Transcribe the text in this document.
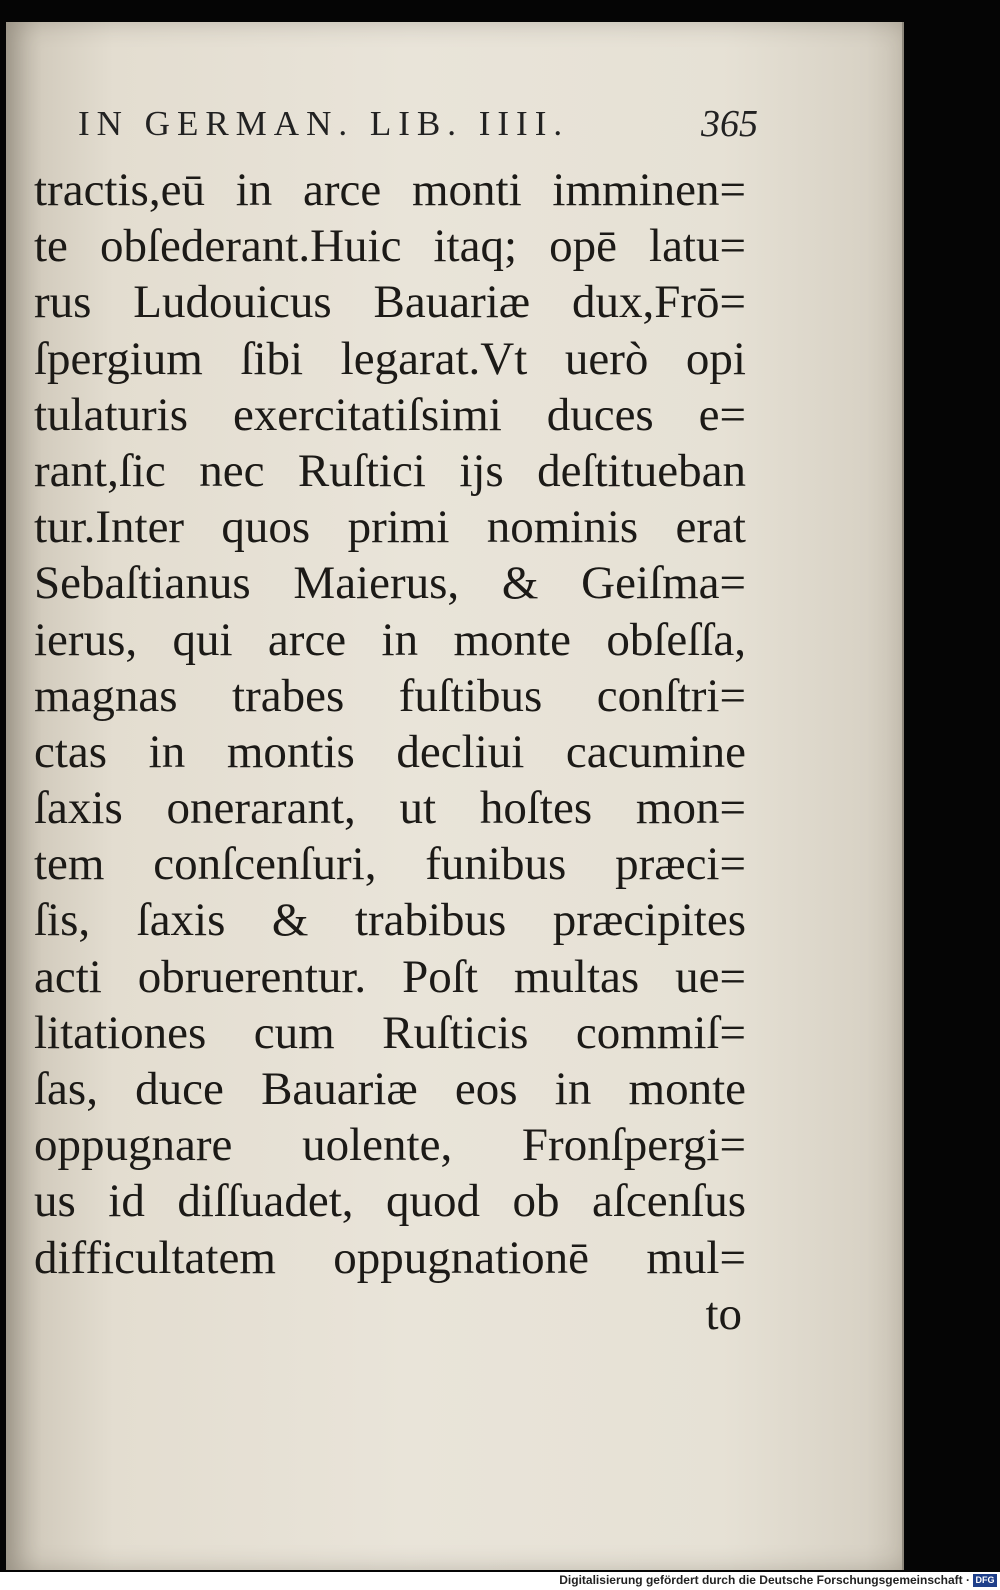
IN GERMAN. LIB. IIII.	365
tractis,eū in arce monti imminen=
te obſederant.Huic itaq; opē latu=
rus Ludouicus Bauariæ dux,Frō=
ſpergium ſibi legarat.Vt uerò opi
tulaturis exercitatiſsimi duces e=
rant,ſic nec Ruſtici ijs deſtitueban
tur.Inter quos primi nominis erat
Sebaſtianus Maierus, & Geiſma=
ierus, qui arce in monte obſeſſa,
magnas trabes fuſtibus conſtri=
ctas in montis decliui cacumine
ſaxis onerarant, ut hoſtes mon=
tem conſcenſuri, funibus præci=
ſis, ſaxis & trabibus præcipites
acti obruerentur. Poſt multas ue=
litationes cum Ruſticis commiſ=
ſas, duce Bauariæ eos in monte
oppugnare uolente, Fronſpergi=
us id diſſuadet, quod ob aſcenſus
difficultatem oppugnationē mul=
to
Digitalisierung gefördert durch die Deutsche Forschungsgemeinschaft · DFG
